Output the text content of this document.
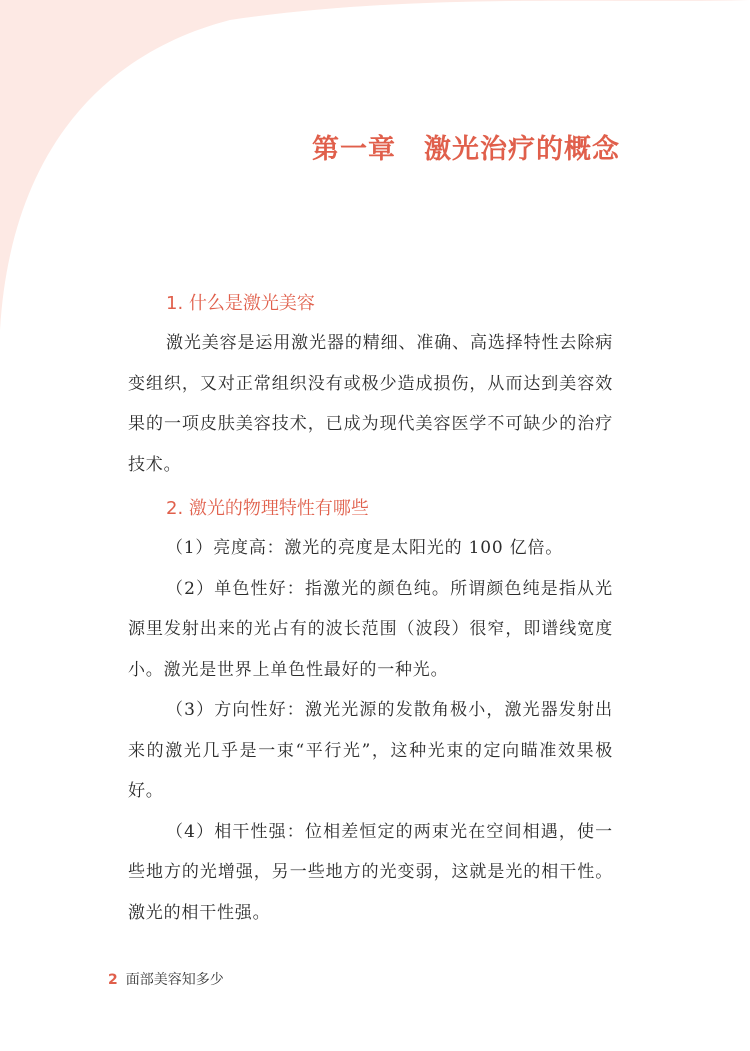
第一章　激光治疗的概念
1. 什么是激光美容

激光美容是运用激光器的精细、准确、高选择特性去除病变组织，又对正常组织没有或极少造成损伤，从而达到美容效果的一项皮肤美容技术，已成为现代美容医学不可缺少的治疗技术。

2. 激光的物理特性有哪些

（1）亮度高：激光的亮度是太阳光的 100 亿倍。

（2）单色性好：指激光的颜色纯。所谓颜色纯是指从光源里发射出来的光占有的波长范围（波段）很窄，即谱线宽度小。激光是世界上单色性最好的一种光。

（3）方向性好：激光光源的发散角极小，激光器发射出来的激光几乎是一束“平行光”，这种光束的定向瞄准效果极好。

（4）相干性强：位相差恒定的两束光在空间相遇，使一些地方的光增强，另一些地方的光变弱，这就是光的相干性。激光的相干性强。

2 面部美容知多少
